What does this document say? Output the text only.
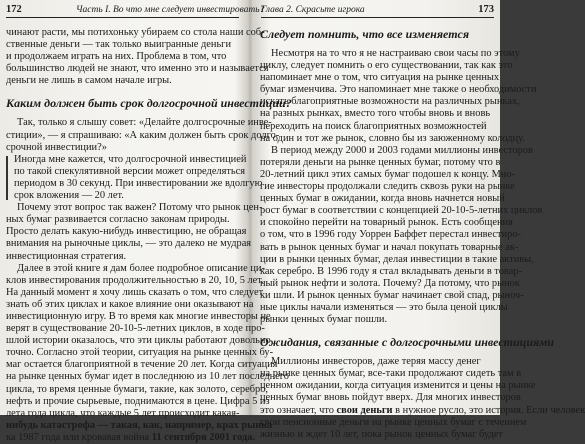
172	Часть I. Во что мне следует инвестировать?
чинают расти, мы потихоньку убираем со стола наши соб-
ственные деньги — так только выигранные деньги
и продолжаем играть на них. Проблема в том, что
большинство людей не знают, что именно это и называется
деньги не лишь в самом начале игры.
Каким должен быть срок долгосрочной инвестиции?
Так, только я слышу совет: «Делайте долгосрочные инве-
стиции», — я спрашиваю: «А каким должен быть срок долго-
срочной инвестиции?»
Иногда мне кажется, что долгосрочной инвестицией
по такой спекулятивной версии может определяться
периодом в 30 секунд. При инвестировании же вдолгую
срок вложения — 20 лет.
Почему этот вопрос так важен? Потому что рынок цен-
ных бумаг развивается согласно законам природы.
Просто делать какую-нибудь инвестицию, не обращая
внимания на рыночные циклы, — это далеко не мудрая
инвестиционная стратегия.
Далее в этой книге я дам более подробное описание ци-
клов инвестирования продолжительностью в 20, 10, 5 лет.
На данный момент я хочу лишь сказать о том, что следует
знать об этих циклах и какое влияние они оказывают на
инвестиционную игру. В то время как многие инвесторы не
верят в существование 20-10-5-летних циклов, в ходе про-
шлой истории оказалось, что эти циклы работают довольно
точно. Согласно этой теории, ситуация на рынке ценных бу-
маг остается благоприятной в течение 20 лет. Когда ситуация
на рынке ценных бумаг идет в последнюю из 10 лет последнего
цикла, то время ценные бумаги, такие, как золото, серебро,
нефть и прочие сырьевые, поднимаются в цене. Цифра 5 из
лета года цикла, что каждые 5 лет происходит какая-
нибудь катастрофа — такая, как, например, крах рынка
ка 1987 года или кровавая война 11 сентября 2001 года.
Глава 2. Скрасьте игрока	173
Следует помнить, что все изменяется
Несмотря на то что я не настраиваю свои часы по этому
циклу, следует помнить о его существовании, так как это
напоминает мне о том, что ситуация на рынке ценных
бумаг изменчива. Это напоминает мне также о необходимости
искать благоприятные возможности на различных рынках,
на разных рынках, вместо того чтобы вновь и вновь
переходить на поиск благоприятных возможностей
на один и тот же рынок, словно бы из заюженному колодцу.
В период между 2000 и 2003 годами миллионы инвесторов
потеряли деньги на рынке ценных бумаг, потому что в
20-летний цикл этих самых бумаг подошел к концу. Мно-
гие инвесторы продолжали следить сквозь руки на рынке
ценных бумаг в ожидании, когда вновь начнется новый
рост бумаг в соответствии с концепцией 20-10-5-летних циклов
и спокойно перейти на товарный рынок. Есть сообщения
о том, что в 1996 году Уоррен Баффет перестал инвестиро-
вать в рынок ценных бумаг и начал покупать товарные ак-
ции в рынки ценных бумаг, делая инвестиции в такие активы,
как серебро. В 1996 году я стал вкладывать деньги в товар-
ный рынок нефти и золота. Почему? Да потому, что рынок
ки шли. И рынок ценных бумаг начинает свой спад, рыноч-
ные циклы начали изменяться — это была ценой циклы
рынки ценных бумаг пошли.
Ожидания, связанные с долгосрочными инвестициями
Миллионы инвесторов, даже теряя массу денег
на рынке ценных бумаг, все-таки продолжают сидеть там в
ценном ожидании, когда ситуация изменится и цены на рынке
ценных бумаг вновь пойдут вверх. Для многих инвесторов
это означает, что свои деньги в нужное русло, это история. Если человек
свои пенсионные деньги на рынке ценных бумаг с течением
жизнью и ждет 10 лет, пока рынок ценных бумаг будет
